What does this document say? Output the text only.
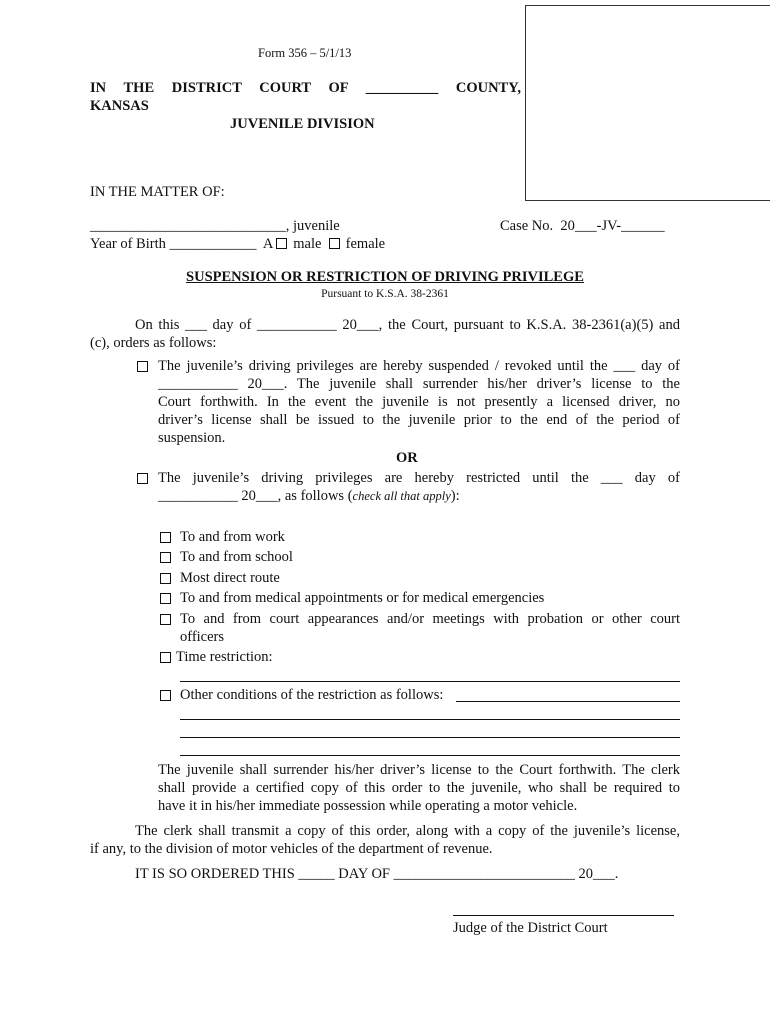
Form 356 – 5/1/13
IN THE DISTRICT COURT OF __________ COUNTY,
KANSAS
JUVENILE DIVISION
IN THE MATTER OF:
___________________________, juvenile	Case No.  20___-JV-______
Year of Birth ____________  A male female
SUSPENSION OR RESTRICTION OF DRIVING PRIVILEGE
Pursuant to K.S.A. 38-2361
On this ___ day of ___________ 20___, the Court, pursuant to K.S.A. 38-2361(a)(5) and
(c), orders as follows:
The juvenile’s driving privileges are hereby suspended / revoked until the ___ day of
___________ 20___. The juvenile shall surrender his/her driver’s license to the
Court forthwith. In the event the juvenile is not presently a licensed driver, no
driver’s license shall be issued to the juvenile prior to the end of the period of
suspension.
OR
The juvenile’s driving privileges are hereby restricted until the ___ day of
___________ 20___, as follows (check all that apply):
To and from work
To and from school
Most direct route
To and from medical appointments or for medical emergencies
To and from court appearances and/or meetings with probation or other court
officers
Time restriction:
Other conditions of the restriction as follows:
The juvenile shall surrender his/her driver’s license to the Court forthwith. The clerk
shall provide a certified copy of this order to the juvenile, who shall be required to
have it in his/her immediate possession while operating a motor vehicle.
The clerk shall transmit a copy of this order, along with a copy of the juvenile’s license,
if any, to the division of motor vehicles of the department of revenue.
IT IS SO ORDERED THIS _____ DAY OF _________________________ 20___.
Judge of the District Court
